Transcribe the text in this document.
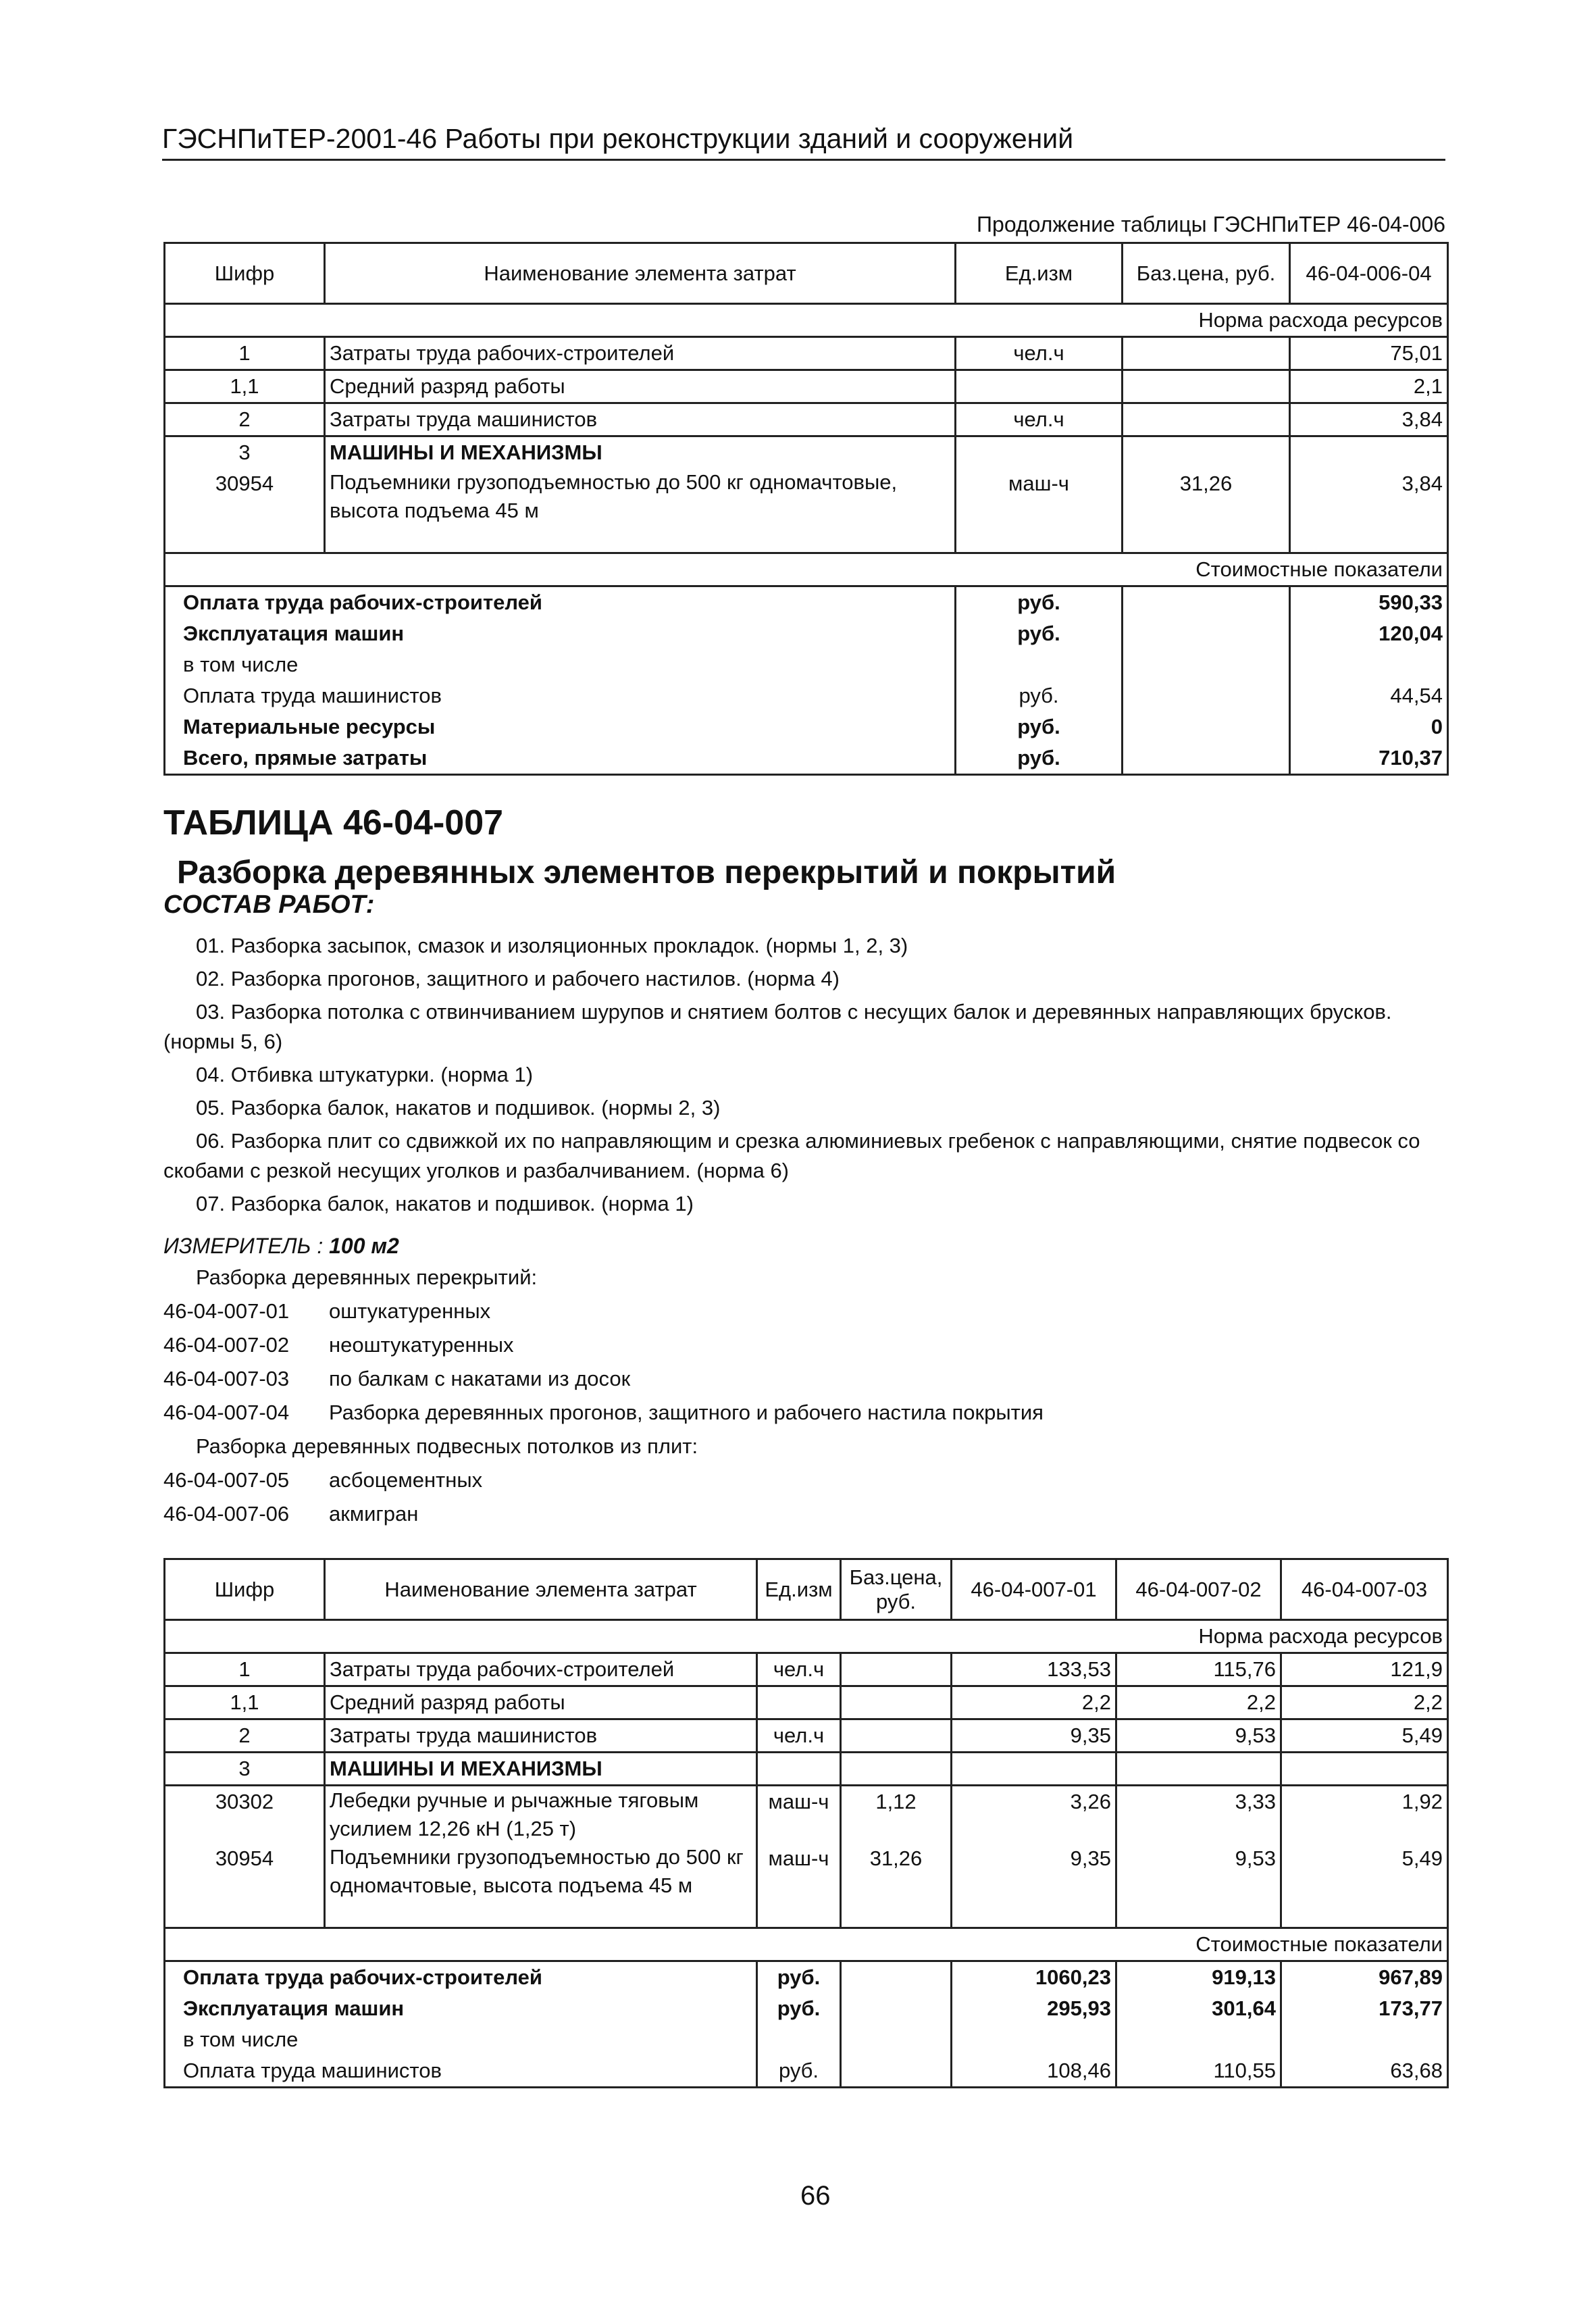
ГЭСНПиТЕР-2001-46 Работы при реконструкции зданий и сооружений
Продолжение таблицы ГЭСНПиТЕР 46-04-006
Шифр	Наименование элемента затрат	Ед.изм	Баз.цена, руб.	46-04-006-04
Норма расхода ресурсов				
1	Затраты труда рабочих-строителей	чел.ч		75,01
1,1	Средний разряд работы			2,1
2	Затраты труда машинистов	чел.ч		3,84
3	МАШИНЫ И МЕХАНИЗМЫ			
30954	Подъемники грузоподъемностью до 500 кг одномачтовые, высота подъема 45 м	маш-ч	31,26	3,84

Стоимостные показатели				
Оплата труда рабочих-строителей		руб.		590,33
Эксплуатация машин		руб.		120,04
в том числе				
Оплата труда машинистов		руб.		44,54
Материальные ресурсы		руб.		0
Всего, прямые затраты		руб.		710,37
ТАБЛИЦА 46-04-007
Разборка деревянных элементов перекрытий и покрытий
СОСТАВ РАБОТ:

01. Разборка засыпок, смазок и изоляционных прокладок. (нормы 1, 2, 3)

02. Разборка прогонов, защитного и рабочего настилов. (норма 4)

03. Разборка потолка с отвинчиванием шурупов и снятием болтов с несущих балок и деревянных направляющих брусков. (нормы 5, 6)

04. Отбивка штукатурки. (норма 1)

05. Разборка балок, накатов и подшивок. (нормы 2, 3)

06. Разборка плит со сдвижкой их по направляющим и срезка алюминиевых гребенок с направляющими, снятие подвесок со скобами с резкой несущих уголков и разбалчиванием. (норма 6)

07. Разборка балок, накатов и подшивок. (норма 1)

ИЗМЕРИТЕЛЬ : 100 м2
Разборка деревянных перекрытий:
46-04-007-01 оштукатуренных
46-04-007-02 неоштукатуренных
46-04-007-03 по балкам с накатами из досок
46-04-007-04 Разборка деревянных прогонов, защитного и рабочего настила покрытия
Разборка деревянных подвесных потолков из плит:
46-04-007-05 асбоцементных
46-04-007-06 акмигран
Шифр	Наименование элемента затрат	Ед.изм	Баз.цена, руб.	46-04-007-01	46-04-007-02	46-04-007-03
Норма расхода ресурсов						
1	Затраты труда рабочих-строителей	чел.ч		133,53	115,76	121,9
1,1	Средний разряд работы			2,2	2,2	2,2
2	Затраты труда машинистов	чел.ч		9,35	9,53	5,49
3	МАШИНЫ И МЕХАНИЗМЫ					
30302	Лебедки ручные и рычажные тяговым усилием 12,26 кН (1,25 т)	маш-ч	1,12	3,26	3,33	1,92
30954	Подъемники грузоподъемностью до 500 кг одномачтовые, высота подъема 45 м	маш-ч	31,26	9,35	9,53	5,49

Стоимостные показатели						
Оплата труда рабочих-строителей		руб.		1060,23	919,13	967,89
Эксплуатация машин		руб.		295,93	301,64	173,77
в том числе						
Оплата труда машинистов		руб.		108,46	110,55	63,68
66
